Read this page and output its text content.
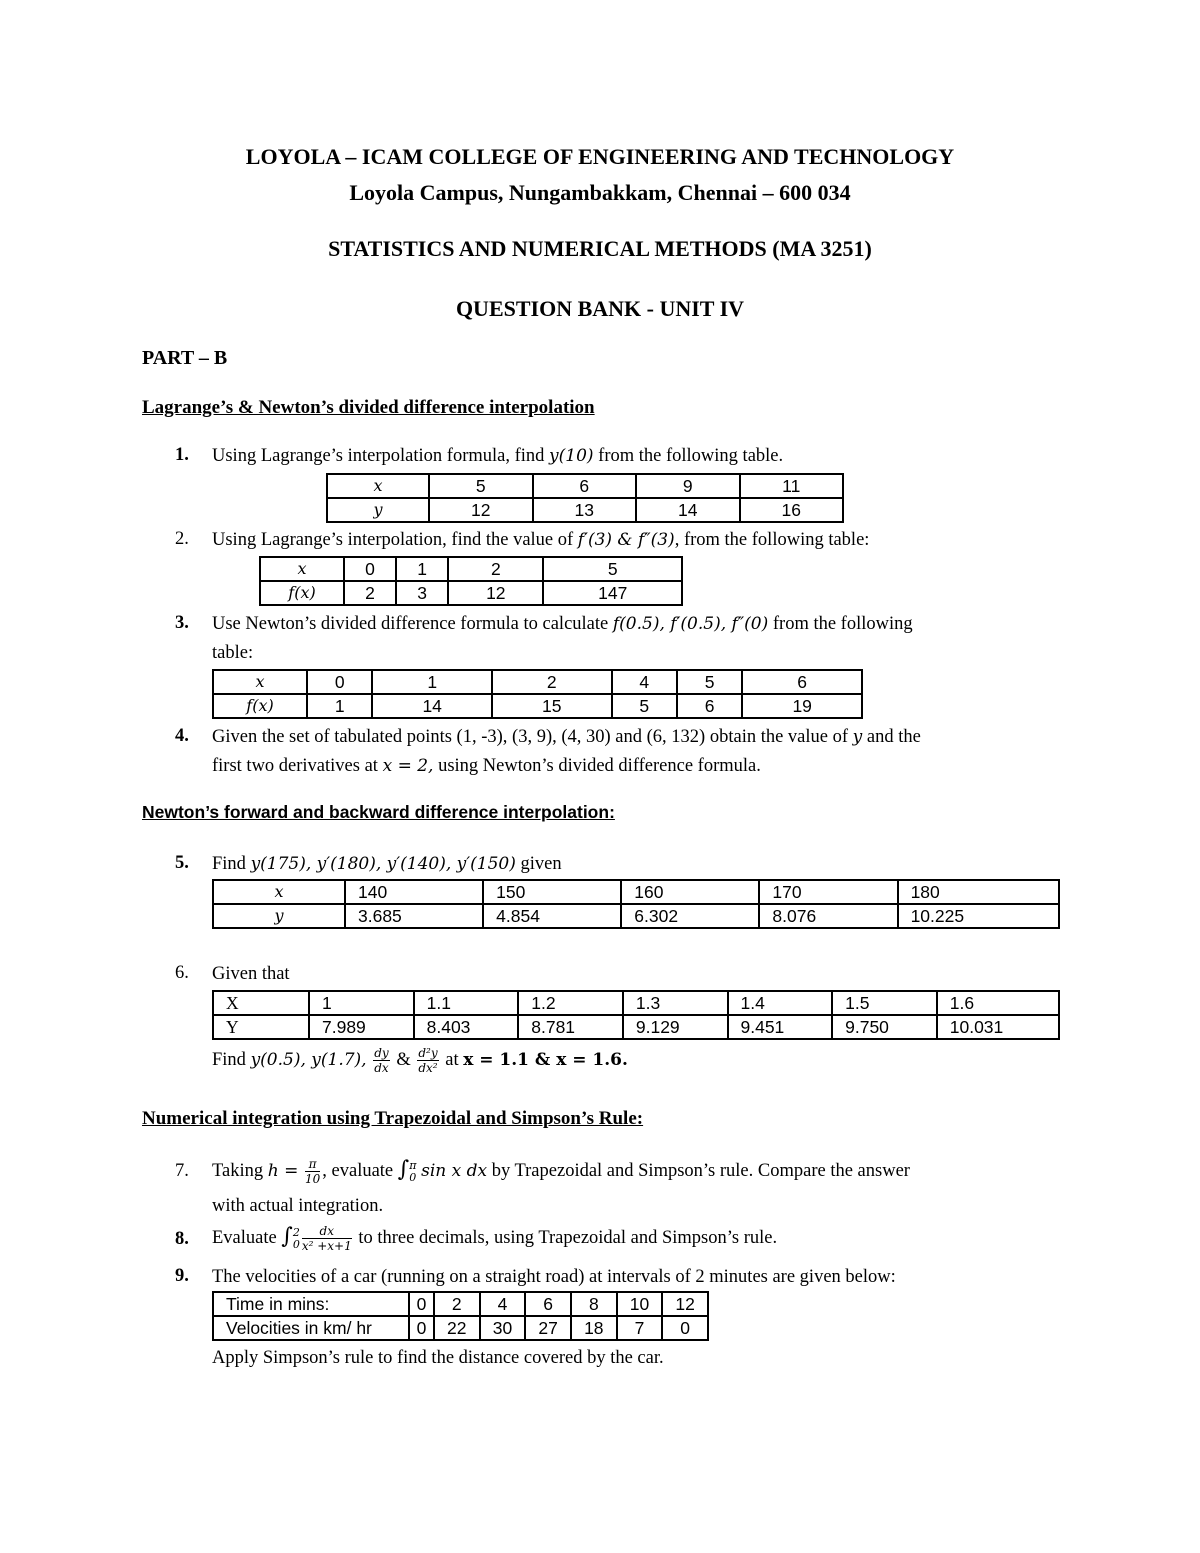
LOYOLA – ICAM COLLEGE OF ENGINEERING AND TECHNOLOGY
Loyola Campus, Nungambakkam, Chennai – 600 034
STATISTICS AND NUMERICAL METHODS (MA 3251)
QUESTION BANK - UNIT IV
PART – B
Lagrange’s & Newton’s divided difference interpolation
1.	Using Lagrange’s interpolation formula, find y(10) from the following table.
x	5	6	9	11
y	12	13	14	16
2.	Using Lagrange’s interpolation, find the value of f′(3) & f″(3), from the following table:
x	0	1	2	5
f(x)	2	3	12	147
3.	Use Newton’s divided difference formula to calculate f(0.5), f′(0.5), f″(0) from the following
table:
x	0	1	2	4	5	6
f(x)	1	14	15	5	6	19
4.	Given the set of tabulated points (1, -3), (3, 9), (4, 30) and (6, 132) obtain the value of y and the
first two derivatives at x = 2, using Newton’s divided difference formula.
Newton’s forward and backward difference interpolation:
5.	Find y(175), y′(180), y′(140), y′(150) given
x	140	150	160	170	180
y	3.685	4.854	6.302	8.076	10.225
6.	Given that
X	1	1.1	1.2	1.3	1.4	1.5	1.6
Y	7.989	8.403	8.781	9.129	9.451	9.750	10.031
Find y(0.5), y(1.7), $\frac{dy}{dx}$ & $\frac{\text{d²y}}{\text{dx²}}$ at x = 1.1 & x = 1.6.
Numerical integration using Trapezoidal and Simpson’s Rule:
7.	Taking $h = \frac{\pi}{10}$ , evaluate ∫ π
0 sin x dx by Trapezoidal and Simpson’s rule. Compare the answer
with actual integration.
8.	Evaluate ∫ 2
$0 \frac{dx}{\text{x² +x+1}}$ to three decimals, using Trapezoidal and Simpson’s rule.
9.	The velocities of a car (running on a straight road) at intervals of 2 minutes are given below:
Time in mins:	0	2	4	6	8	10	12
Velocities in km/ hr	0	22	30	27	18	7	0
Apply Simpson’s rule to find the distance covered by the car.
